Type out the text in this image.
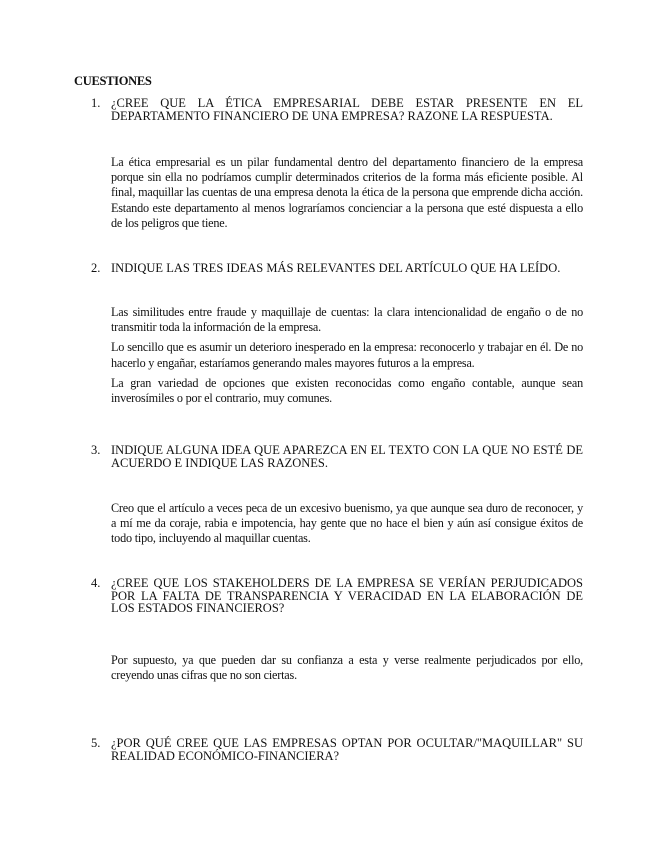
CUESTIONES
1. ¿CREE QUE LA ÉTICA EMPRESARIAL DEBE ESTAR PRESENTE EN EL DEPARTAMENTO FINANCIERO DE UNA EMPRESA? RAZONE LA RESPUESTA.

La ética empresarial es un pilar fundamental dentro del departamento financiero de la empresa porque sin ella no podríamos cumplir determinados criterios de la forma más eficiente posible. Al final, maquillar las cuentas de una empresa denota la ética de la persona que emprende dicha acción. Estando este departamento al menos lograríamos concienciar a la persona que esté dispuesta a ello de los peligros que tiene.

2. INDIQUE LAS TRES IDEAS MÁS RELEVANTES DEL ARTÍCULO QUE HA LEÍDO.

Las similitudes entre fraude y maquillaje de cuentas: la clara intencionalidad de engaño o de no transmitir toda la información de la empresa.

Lo sencillo que es asumir un deterioro inesperado en la empresa: reconocerlo y trabajar en él. De no hacerlo y engañar, estaríamos generando males mayores futuros a la empresa.

La gran variedad de opciones que existen reconocidas como engaño contable, aunque sean inverosímiles o por el contrario, muy comunes.

3. INDIQUE ALGUNA IDEA QUE APAREZCA EN EL TEXTO CON LA QUE NO ESTÉ DE ACUERDO E INDIQUE LAS RAZONES.

Creo que el artículo a veces peca de un excesivo buenismo, ya que aunque sea duro de reconocer, y a mí me da coraje, rabia e impotencia, hay gente que no hace el bien y aún así consigue éxitos de todo tipo, incluyendo al maquillar cuentas.

4. ¿CREE QUE LOS STAKEHOLDERS DE LA EMPRESA SE VERÍAN PERJUDICADOS POR LA FALTA DE TRANSPARENCIA Y VERACIDAD EN LA ELABORACIÓN DE LOS ESTADOS FINANCIEROS?

Por supuesto, ya que pueden dar su confianza a esta y verse realmente perjudicados por ello, creyendo unas cifras que no son ciertas.

5. ¿POR QUÉ CREE QUE LAS EMPRESAS OPTAN POR OCULTAR/"MAQUILLAR" SU REALIDAD ECONÓMICO-FINANCIERA?
